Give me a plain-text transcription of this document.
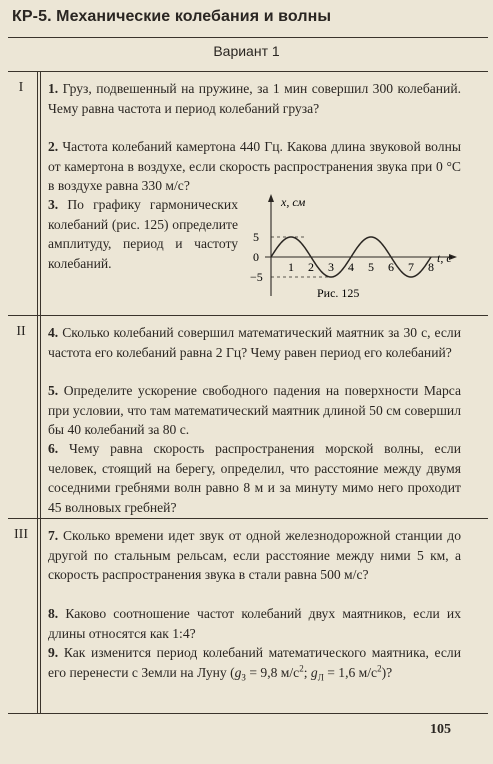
КР-5. Механические колебания и волны
Вариант 1
I	1. Груз, подвешенный на пружине, за 1 мин совершил 300 колебаний. Чему равна частота и период колебаний груза?
2. Частота колебаний камертона 440 Гц. Какова длина звуковой волны от камертона в воздухе, если скорость распространения звука при 0 °С в воздухе равна 330 м/с?
3. По графику гармонических колебаний (рис. 125) определите амплитуду, период и частоту колебаний.
x, см
5
0
−5
1 2 3 4 5 6 7 8
t, с
Рис. 125
II	4. Сколько колебаний совершил математический маятник за 30 с, если частота его колебаний равна 2 Гц? Чему равен период его колебаний?
5. Определите ускорение свободного падения на поверхности Марса при условии, что там математический маятник длиной 50 см совершил бы 40 колебаний за 80 с.
6. Чему равна скорость распространения морской волны, если человек, стоящий на берегу, определил, что расстояние между двумя соседними гребнями волн равно 8 м и за минуту мимо него проходит 45 волновых гребней?
III 7. Сколько времени идет звук от одной железнодорожной станции до другой по стальным рельсам, если расстояние между ними 5 км, а скорость распространения звука в стали равна 500 м/с?
8. Каково соотношение частот колебаний двух маятников, если их длины относятся как 1:4?
9. Как изменится период колебаний математического маятника, если его перенести с Земли на Луну ($g_З = 9,8$ $м/с^2$; $g_Л = 1,6$ $м/с^2$)?
105
